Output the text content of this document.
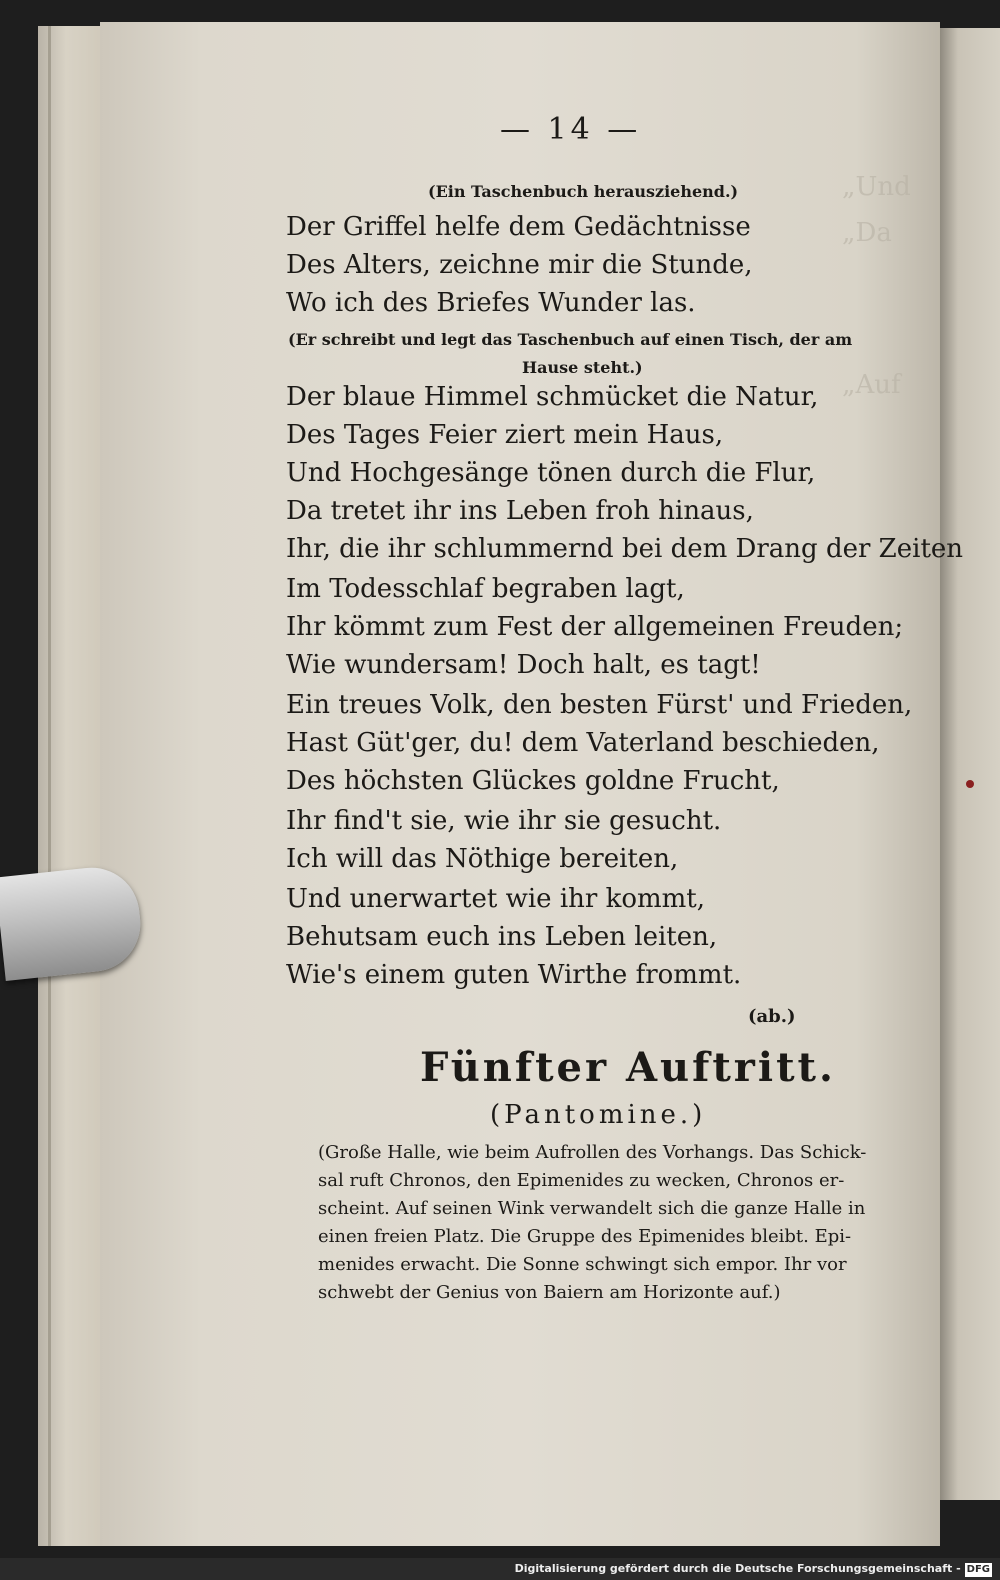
„Und
„Da
„Auf
— 14 —
(Ein Taschenbuch herausziehend.)
Der Griffel helfe dem Gedächtnisse
Des Alters, zeichne mir die Stunde,
Wo ich des Briefes Wunder las.
(Er schreibt und legt das Taschenbuch auf einen Tisch, der am
Hause steht.)
Der blaue Himmel schmücket die Natur,
Des Tages Feier ziert mein Haus,
Und Hochgesänge tönen durch die Flur,
Da tretet ihr ins Leben froh hinaus,
Ihr, die ihr schlummernd bei dem Drang der Zeiten
Im Todesschlaf begraben lagt,
Ihr kömmt zum Fest der allgemeinen Freuden;
Wie wundersam! Doch halt, es tagt!
Ein treues Volk, den besten Fürst' und Frieden,
Hast Güt'ger, du! dem Vaterland beschieden,
Des höchsten Glückes goldne Frucht,
Ihr find't sie, wie ihr sie gesucht.
Ich will das Nöthige bereiten,
Und unerwartet wie ihr kommt,
Behutsam euch ins Leben leiten,
Wie's einem guten Wirthe frommt.
(ab.)
Fünfter Auftritt.
(Pantomine.)
(Große Halle, wie beim Aufrollen des Vorhangs. Das Schick-
sal ruft Chronos, den Epimenides zu wecken, Chronos er-
scheint. Auf seinen Wink verwandelt sich die ganze Halle in
einen freien Platz. Die Gruppe des Epimenides bleibt. Epi-
menides erwacht. Die Sonne schwingt sich empor. Ihr vor
schwebt der Genius von Baiern am Horizonte auf.)
Digitalisierung gefördert durch die Deutsche Forschungsgemeinschaft - DFG
